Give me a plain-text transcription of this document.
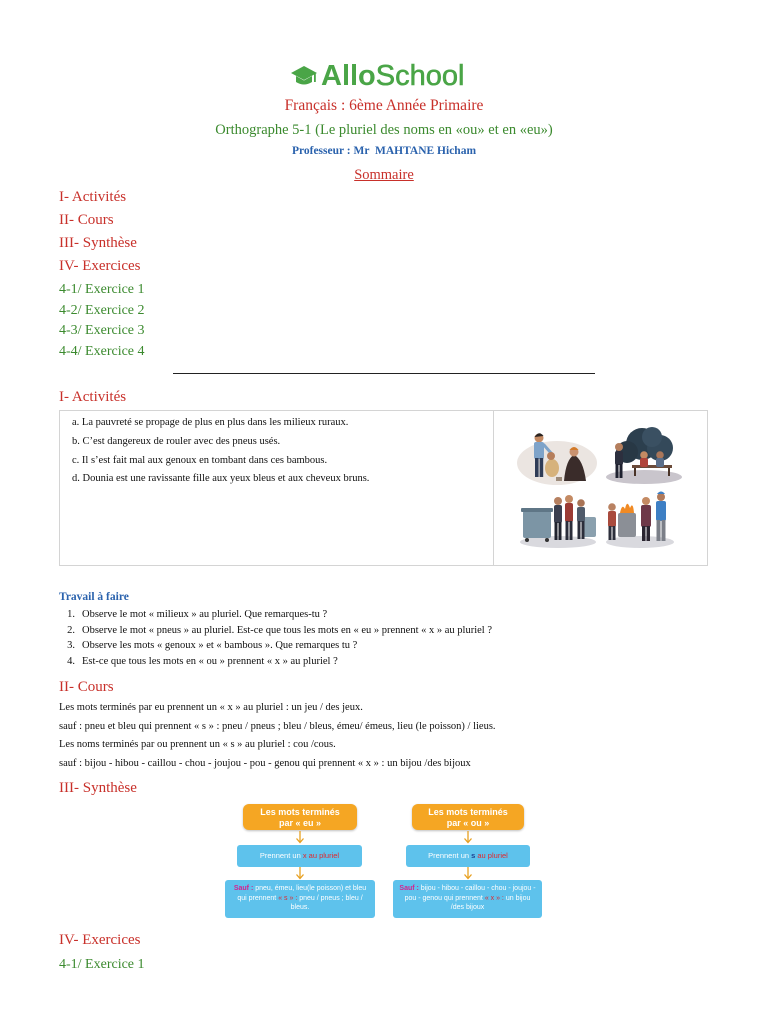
Allo School
Français : 6ème Année Primaire
Orthographe 5-1 (Le pluriel des noms en «ou» et en «eu»)
Professeur : Mr  MAHTANE Hicham
Sommaire
I- Activités
II- Cours
III- Synthèse
IV- Exercices
4-1/ Exercice 1
4-2/ Exercice 2
4-3/ Exercice 3
4-4/ Exercice 4
I- Activités
a. La pauvreté se propage de plus en plus dans les milieux ruraux.
b. C’est dangereux de rouler avec des pneus usés.
c. Il s’est fait mal aux genoux en tombant dans ces bambous.
d. Dounia est une ravissante fille aux yeux bleus et aux cheveux bruns.
Travail à faire
1. Observe le mot « milieux » au pluriel. Que remarques-tu ?
2. Observe le mot « pneus » au pluriel. Est-ce que tous les mots en « eu » prennent « x » au pluriel ?
3. Observe les mots « genoux » et « bambous ». Que remarques tu ?
4. Est-ce que tous les mots en « ou » prennent « x » au pluriel ?
II- Cours
Les mots terminés par eu prennent un « x » au pluriel : un jeu / des jeux.
sauf : pneu et bleu qui prennent « s » : pneu / pneus ; bleu / bleus, émeu/ émeus, lieu (le poisson) / lieus.
Les noms terminés par ou prennent un « s » au pluriel : cou /cous.
sauf : bijou - hibou - caillou - chou - joujou - pou - genou qui prennent « x » : un bijou /des bijoux
III- Synthèse
Les mots terminés
par « eu »
Prennent un x au pluriel

Sauf : pneu, émeu, lieu(le poisson) et bleu qui prennent « s » : pneu / pneus ; bleu / bleus.

Les mots terminés
par « ou »
Prennent un s au pluriel

Sauf : bijou - hibou - caillou - chou - joujou - pou - genou qui prennent « x » : un bijou /des bijoux

IV- Exercices
4-1/ Exercice 1
